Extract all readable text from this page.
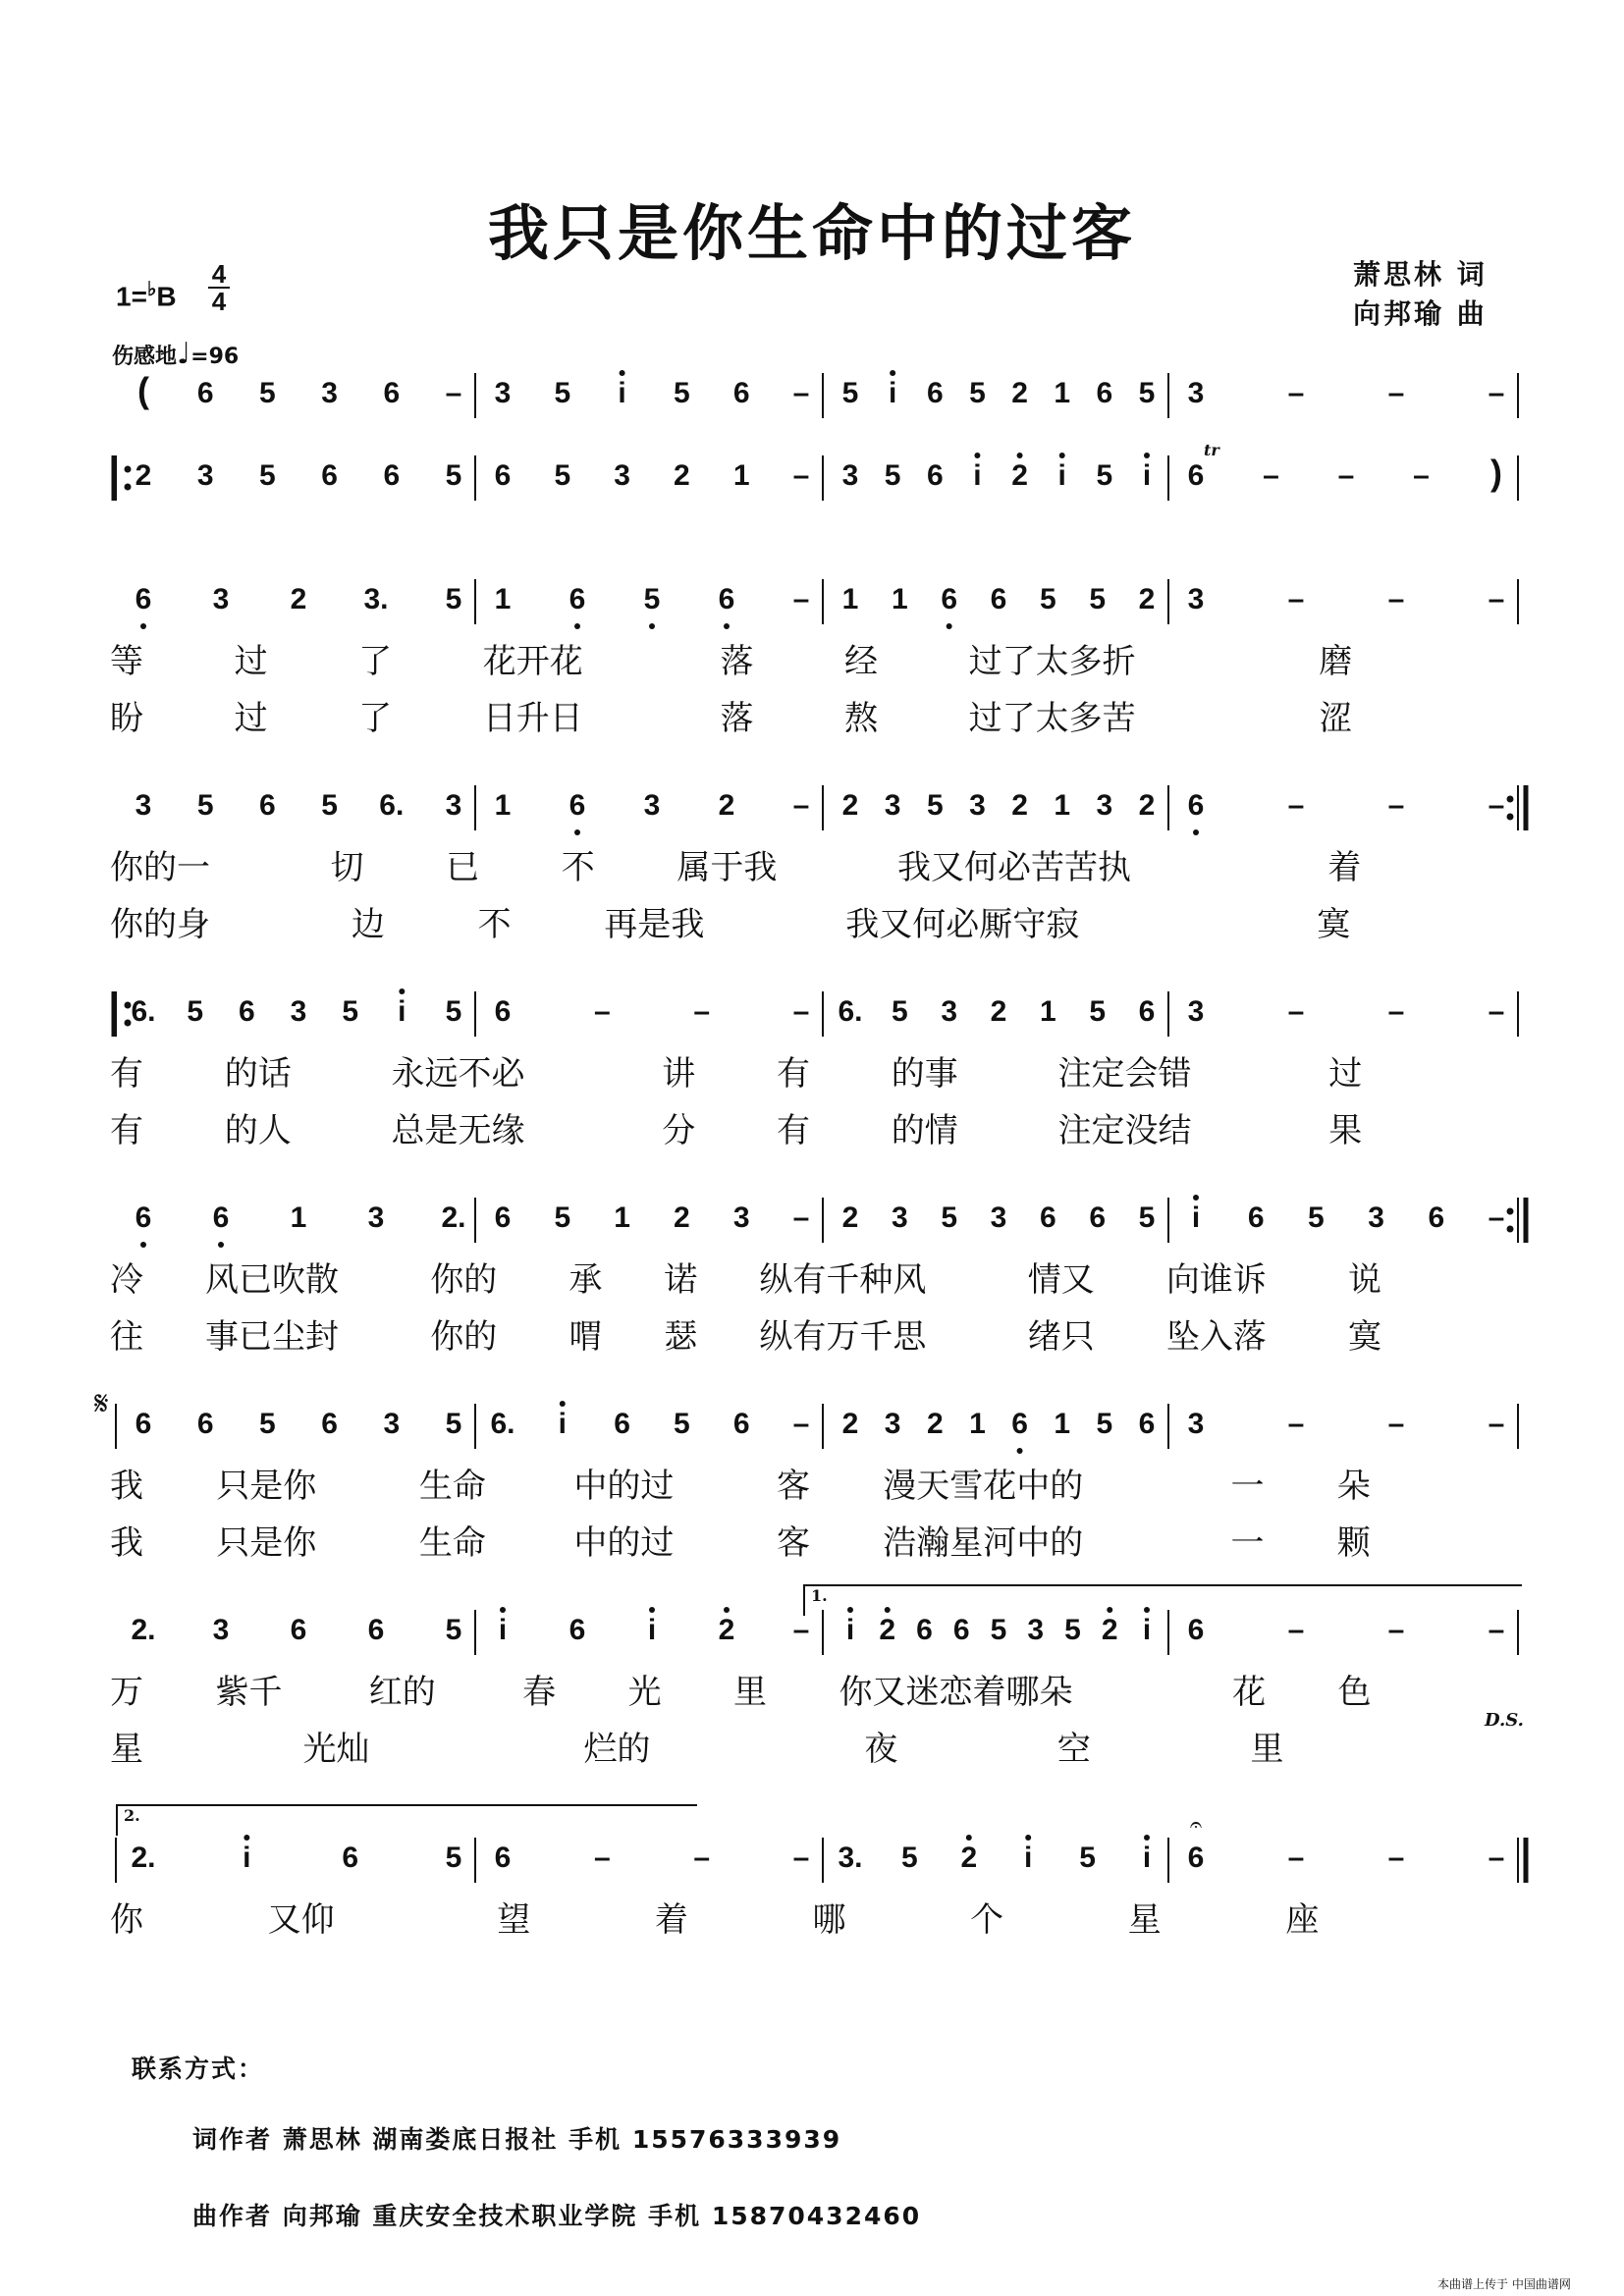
我只是你生命中的过客
萧思林 词
向邦瑜 曲
1=♭B
4
4
伤感地♩=96
𝄋
D.S.
1.
2.
( 6 5 3 6 – 3 5 i 5 6 – 5 i 6 5 2 1 6 5 3	–	–	–
2 3 5 6 6 5 6 5 3 2 1 – 3 5 6 i 2 i 5 i 6 – – – )
tr
6 3 2 3. 5 1 6 5 6 – 1 1 6 6 5 5 2 3	–	–	–
等	过	了	花开花	落	经	过了太多折	磨
盼	过	了	日升日	落	熬	过了太多苦	涩
3 5 6 5 6. 3 1 6 3 2 – 2 3 5 3 2 1 3 2 6	–	–	–
你的一	切 已 不 属于我	我又何必苦苦执	着
你的身	边	不	再是我	我又何必厮守寂	寞
6. 5 6 3 5 i 5 6	–	–	– 6. 5 3 2 1 5 6 3	–	–	–
有 的话	永远不必	讲 有 的事	注定会错	过
有 的人	总是无缘	分 有 的情	注定没结	果
6 6 1 3 2. 6 5 1 2 3 – 2 3 5 3 6 6 5 i 6 5 3 6 –
冷 风已吹散	你的 承 诺 纵有千种风	情又 向谁诉 说
往 事已尘封	你的 喟 瑟 纵有万千思	绪只 坠入落 寞
6 6 5 6 3 5 6. i 6 5 6 – 2 3 2 1 6 1 5 6 3	–	–	–
我 只是你	生命	中的过	客 漫天雪花中的	一 朵
我 只是你	生命	中的过	客 浩瀚星河中的	一 颗
2. 3 6 6 5 i 6 i 2 – i 2 6 6 5 3 5 2 i 6	–	–	–
万 紫千	红的	春 光 里 你又迷恋着哪朵	花 色
星	光灿	烂的	夜	空	里
2.	i	6	5 6	–	–	– 3. 5 2 i 5 i 6	–	–	–
𝄐
你	又仰	望	着	哪	个	星	座
联系方式：
词作者 萧思林 湖南娄底日报社 手机 15576333939
曲作者 向邦瑜 重庆安全技术职业学院 手机 15870432460
本曲谱上传于 中国曲谱网
